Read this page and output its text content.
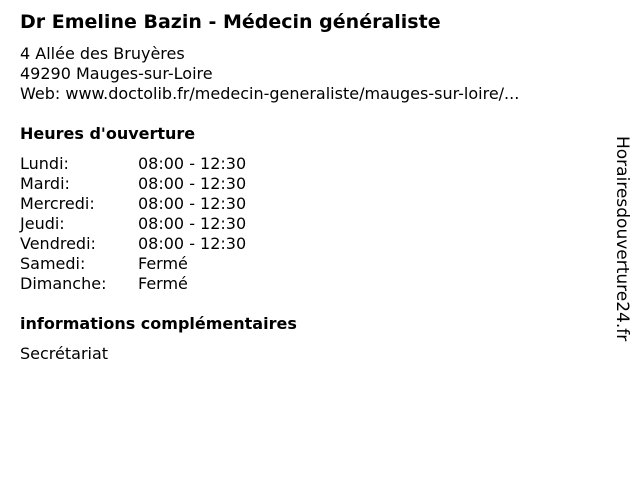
Dr Emeline Bazin - Médecin généraliste
4 Allée des Bruyères
49290 Mauges-sur-Loire
Web: www.doctolib.fr/medecin-generaliste/mauges-sur-loire/...
Heures d'ouverture
Lundi:	08:00 - 12:30
Mardi:	08:00 - 12:30
Mercredi:	08:00 - 12:30
Jeudi:	08:00 - 12:30
Vendredi:	08:00 - 12:30
Samedi:	Fermé
Dimanche: Fermé
informations complémentaires
Secrétariat
Horairesdouverture24.fr
